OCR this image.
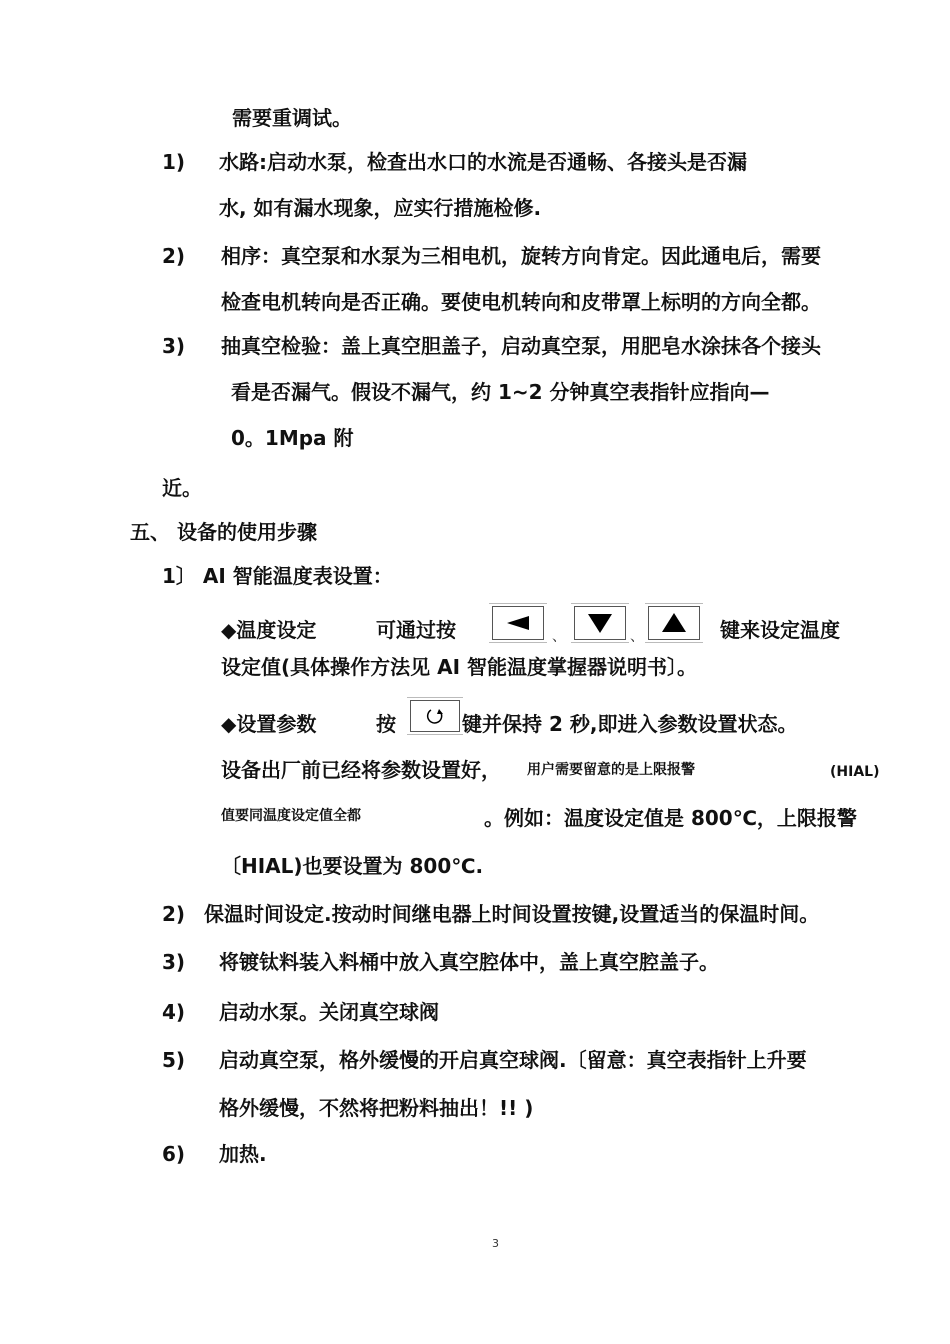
需要重调试。
1) 水路:启动水泵，检查出水口的水流是否通畅、各接头是否漏
水, 如有漏水现象，应实行措施检修.
2) 相序：真空泵和水泵为三相电机，旋转方向肯定。因此通电后，需要
检查电机转向是否正确。要使电机转向和皮带罩上标明的方向全都。
3) 抽真空检验：盖上真空胆盖子，启动真空泵，用肥皂水涂抹各个接头
看是否漏气。假设不漏气，约 1~2 分钟真空表指针应指向—
0。1Mpa 附
近。
五、 设备的使用步骤
1〕 AI 智能温度表设置：
◆温度设定	可通过按	、	、	键来设定温度
设定值(具体操作方法见 AI 智能温度掌握器说明书〕。
◆设置参数	按	键并保持 2 秒,即进入参数设置状态。
设备出厂前已经将参数设置好， 用户需要留意的是上限报警	(HIAL)
值要同温度设定值全都	。例如：温度设定值是 800℃，上限报警
〔HIAL)也要设置为 800℃.
2) 保温时间设定.按动时间继电器上时间设置按键,设置适当的保温时间。
3) 将镀钛料装入料桶中放入真空腔体中，盖上真空腔盖子。
4) 启动水泵。关闭真空球阀
5) 启动真空泵，格外缓慢的开启真空球阀.〔留意：真空表指针上升要
格外缓慢，不然将把粉料抽出！!! )
6) 加热.
3
